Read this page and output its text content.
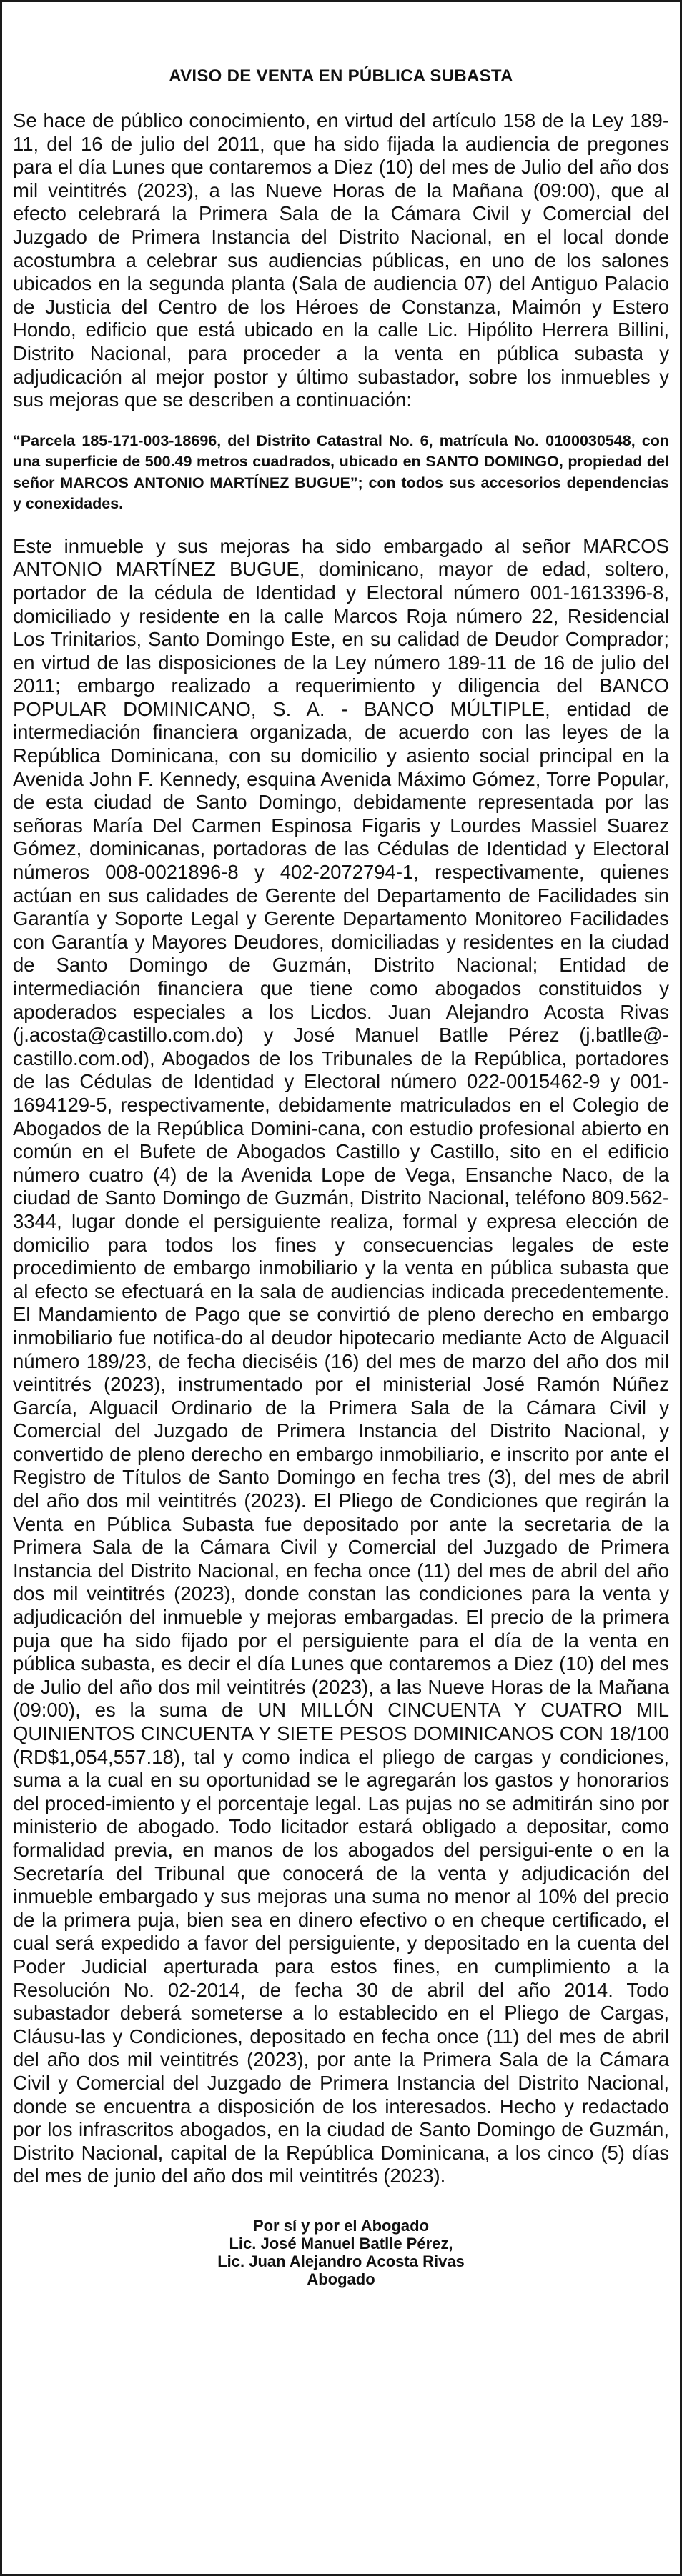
AVISO DE VENTA EN PÚBLICA SUBASTA

Se hace de público conocimiento, en virtud del artículo 158 de la Ley 189-11, del 16 de julio del 2011, que ha sido fijada la audiencia de pregones para el día Lunes que contaremos a Diez (10) del mes de Julio del año dos mil veintitrés (2023), a las Nueve Horas de la Mañana (09:00), que al efecto celebrará la Primera Sala de la Cámara Civil y Comercial del Juzgado de Primera Instancia del Distrito Nacional, en el local donde acostumbra a celebrar sus audiencias públicas, en uno de los salones ubicados en la segunda planta (Sala de audiencia 07) del Antiguo Palacio de Justicia del Centro de los Héroes de Constanza, Maimón y Estero Hondo, edificio que está ubicado en la calle Lic. Hipólito Herrera Billini, Distrito Nacional, para proceder a la venta en pública subasta y adjudicación al mejor postor y último subastador, sobre los inmuebles y sus mejoras que se describen a continuación:

“Parcela 185-171-003-18696, del Distrito Catastral No. 6, matrícula No. 0100030548, con una superficie de 500.49 metros cuadrados, ubicado en SANTO DOMINGO, propiedad del señor MARCOS ANTONIO MARTÍNEZ BUGUE”; con todos sus accesorios dependencias y conexidades.

Este inmueble y sus mejoras ha sido embargado al señor MARCOS ANTONIO MARTÍNEZ BUGUE, dominicano, mayor de edad, soltero, portador de la cédula de Identidad y Electoral número 001-1613396-8, domiciliado y residente en la calle Marcos Roja número 22, Residencial Los Trinitarios, Santo Domingo Este, en su calidad de Deudor Comprador; en virtud de las disposiciones de la Ley número 189-11 de 16 de julio del 2011; embargo realizado a requerimiento y diligencia del BANCO POPULAR DOMINICANO, S. A. - BANCO MÚLTIPLE, entidad de intermediación financiera organizada, de acuerdo con las leyes de la República Dominicana, con su domicilio y asiento social principal en la Avenida John F. Kennedy, esquina Avenida Máximo Gómez, Torre Popular, de esta ciudad de Santo Domingo, debidamente representada por las señoras María Del Carmen Espinosa Figaris y Lourdes Massiel Suarez Gómez, dominicanas, portadoras de las Cédulas de Identidad y Electoral números 008-0021896-8 y 402-2072794-1, respectivamente, quienes actúan en sus calidades de Gerente del Departamento de Facilidades sin Garantía y Soporte Legal y Gerente Departamento Monitoreo Facilidades con Garantía y Mayores Deudores, domiciliadas y residentes en la ciudad de Santo Domingo de Guzmán, Distrito Nacional; Entidad de intermediación financiera que tiene como abogados constituidos y apoderados especiales a los Licdos. Juan Alejandro Acosta Rivas (j.acosta@castillo.com.do) y José Manuel Batlle Pérez (j.batlle@-castillo.com.od), Abogados de los Tribunales de la República, portadores de las Cédulas de Identidad y Electoral número 022-0015462-9 y 001-1694129-5, respectivamente, debidamente matriculados en el Colegio de Abogados de la República Domini-cana, con estudio profesional abierto en común en el Bufete de Abogados Castillo y Castillo, sito en el edificio número cuatro (4) de la Avenida Lope de Vega, Ensanche Naco, de la ciudad de Santo Domingo de Guzmán, Distrito Nacional, teléfono 809.562-3344, lugar donde el persiguiente realiza, formal y expresa elección de domicilio para todos los fines y consecuencias legales de este procedimiento de embargo inmobiliario y la venta en pública subasta que al efecto se efectuará en la sala de audiencias indicada precedentemente. El Mandamiento de Pago que se convirtió de pleno derecho en embargo inmobiliario fue notifica-do al deudor hipotecario mediante Acto de Alguacil número 189/23, de fecha dieciséis (16) del mes de marzo del año dos mil veintitrés (2023), instrumentado por el ministerial José Ramón Núñez García, Alguacil Ordinario de la Primera Sala de la Cámara Civil y Comercial del Juzgado de Primera Instancia del Distrito Nacional, y convertido de pleno derecho en embargo inmobiliario, e inscrito por ante el Registro de Títulos de Santo Domingo en fecha tres (3), del mes de abril del año dos mil veintitrés (2023). El Pliego de Condiciones que regirán la Venta en Pública Subasta fue depositado por ante la secretaria de la Primera Sala de la Cámara Civil y Comercial del Juzgado de Primera Instancia del Distrito Nacional, en fecha once (11) del mes de abril del año dos mil veintitrés (2023), donde constan las condiciones para la venta y adjudicación del inmueble y mejoras embargadas. El precio de la primera puja que ha sido fijado por el persiguiente para el día de la venta en pública subasta, es decir el día Lunes que contaremos a Diez (10) del mes de Julio del año dos mil veintitrés (2023), a las Nueve Horas de la Mañana (09:00), es la suma de UN MILLÓN CINCUENTA Y CUATRO MIL QUINIENTOS CINCUENTA Y SIETE PESOS DOMINICANOS CON 18/100 (RD$1,054,557.18), tal y como indica el pliego de cargas y condiciones, suma a la cual en su oportunidad se le agregarán los gastos y honorarios del proced-imiento y el porcentaje legal. Las pujas no se admitirán sino por ministerio de abogado. Todo licitador estará obligado a depositar, como formalidad previa, en manos de los abogados del persigui-ente o en la Secretaría del Tribunal que conocerá de la venta y adjudicación del inmueble embargado y sus mejoras una suma no menor al 10% del precio de la primera puja, bien sea en dinero efectivo o en cheque certificado, el cual será expedido a favor del persiguiente, y depositado en la cuenta del Poder Judicial aperturada para estos fines, en cumplimiento a la Resolución No. 02-2014, de fecha 30 de abril del año 2014. Todo subastador deberá someterse a lo establecido en el Pliego de Cargas, Cláusu-las y Condiciones, depositado en fecha once (11) del mes de abril del año dos mil veintitrés (2023), por ante la Primera Sala de la Cámara Civil y Comercial del Juzgado de Primera Instancia del Distrito Nacional, donde se encuentra a disposición de los interesados. Hecho y redactado por los infrascritos abogados, en la ciudad de Santo Domingo de Guzmán, Distrito Nacional, capital de la República Dominicana, a los cinco (5) días del mes de junio del año dos mil veintitrés (2023).

Por sí y por el Abogado
Lic. José Manuel Batlle Pérez,
Lic. Juan Alejandro Acosta Rivas
Abogado
